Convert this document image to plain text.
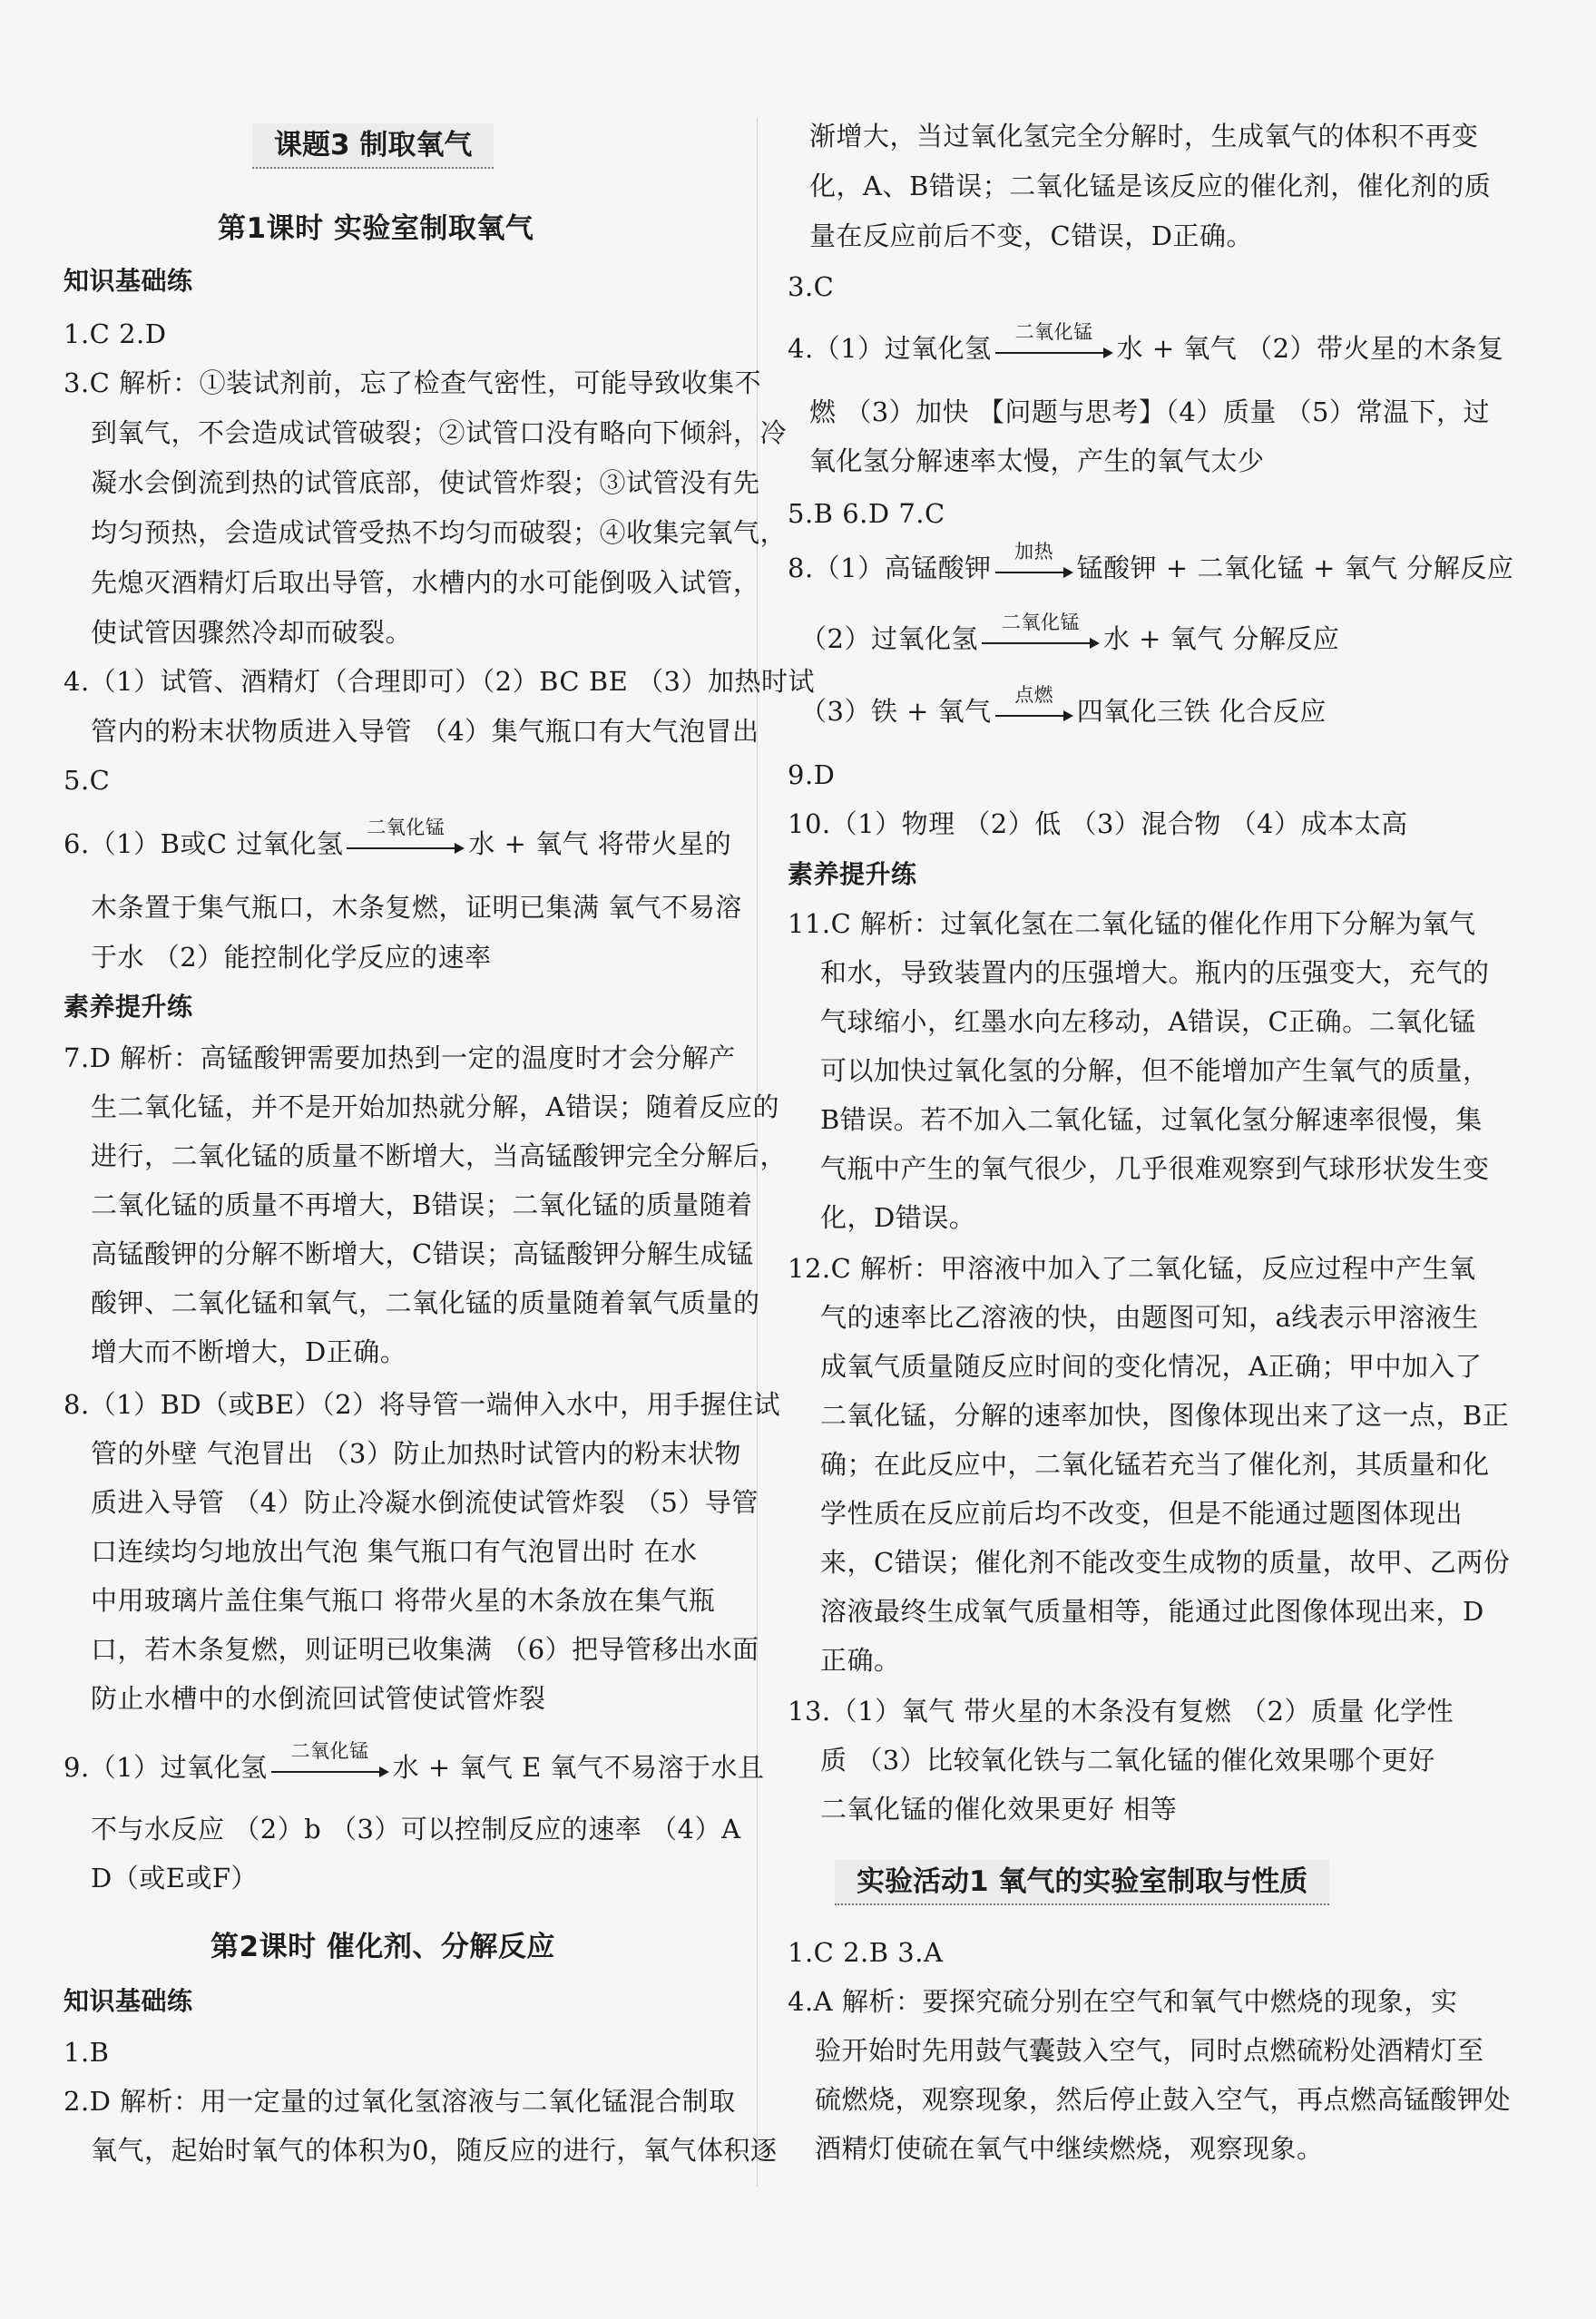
课题3 制取氧气
第1课时 实验室制取氧气
知识基础练
1.C 2.D
3.C 解析：①装试剂前，忘了检查气密性，可能导致收集不
到氧气，不会造成试管破裂；②试管口没有略向下倾斜，冷
凝水会倒流到热的试管底部，使试管炸裂；③试管没有先
均匀预热，会造成试管受热不均匀而破裂；④收集完氧气，
先熄灭酒精灯后取出导管，水槽内的水可能倒吸入试管，
使试管因骤然冷却而破裂。
4.（1）试管、酒精灯（合理即可）（2）BC BE （3）加热时试
管内的粉末状物质进入导管 （4）集气瓶口有大气泡冒出
5.C
6.（1）B或C 过氧化氢
二氧化锰
水 + 氧气 将带火星的
木条置于集气瓶口，木条复燃，证明已集满 氧气不易溶
于水 （2）能控制化学反应的速率
素养提升练
7.D 解析：高锰酸钾需要加热到一定的温度时才会分解产
生二氧化锰，并不是开始加热就分解，A错误；随着反应的
进行，二氧化锰的质量不断增大，当高锰酸钾完全分解后，
二氧化锰的质量不再增大，B错误；二氧化锰的质量随着
高锰酸钾的分解不断增大，C错误；高锰酸钾分解生成锰
酸钾、二氧化锰和氧气，二氧化锰的质量随着氧气质量的
增大而不断增大，D正确。
8.（1）BD（或BE）（2）将导管一端伸入水中，用手握住试
管的外壁 气泡冒出 （3）防止加热时试管内的粉末状物
质进入导管 （4）防止冷凝水倒流使试管炸裂 （5）导管
口连续均匀地放出气泡 集气瓶口有气泡冒出时 在水
中用玻璃片盖住集气瓶口 将带火星的木条放在集气瓶
口，若木条复燃，则证明已收集满 （6）把导管移出水面
防止水槽中的水倒流回试管使试管炸裂
9.（1）过氧化氢
二氧化锰
水 + 氧气 E 氧气不易溶于水且
不与水反应 （2）b （3）可以控制反应的速率 （4）A
D（或E或F）
第2课时 催化剂、分解反应
知识基础练
1.B
2.D 解析：用一定量的过氧化氢溶液与二氧化锰混合制取
氧气，起始时氧气的体积为0，随反应的进行，氧气体积逐
渐增大，当过氧化氢完全分解时，生成氧气的体积不再变
化，A、B错误；二氧化锰是该反应的催化剂，催化剂的质
量在反应前后不变，C错误，D正确。
3.C
4.（1）过氧化氢
二氧化锰
水 + 氧气 （2）带火星的木条复
燃 （3）加快 【问题与思考】（4）质量 （5）常温下，过
氧化氢分解速率太慢，产生的氧气太少
5.B 6.D 7.C
8.（1）高锰酸钾
加热
锰酸钾 + 二氧化锰 + 氧气 分解反应
（2）过氧化氢
二氧化锰
水 + 氧气 分解反应
（3）铁 + 氧气
点燃
四氧化三铁 化合反应
9.D
10.（1）物理 （2）低 （3）混合物 （4）成本太高
素养提升练
11.C 解析：过氧化氢在二氧化锰的催化作用下分解为氧气
和水，导致装置内的压强增大。瓶内的压强变大，充气的
气球缩小，红墨水向左移动，A错误，C正确。二氧化锰
可以加快过氧化氢的分解，但不能增加产生氧气的质量，
B错误。若不加入二氧化锰，过氧化氢分解速率很慢，集
气瓶中产生的氧气很少，几乎很难观察到气球形状发生变
化，D错误。
12.C 解析：甲溶液中加入了二氧化锰，反应过程中产生氧
气的速率比乙溶液的快，由题图可知，a线表示甲溶液生
成氧气质量随反应时间的变化情况，A正确；甲中加入了
二氧化锰，分解的速率加快，图像体现出来了这一点，B正
确；在此反应中，二氧化锰若充当了催化剂，其质量和化
学性质在反应前后均不改变，但是不能通过题图体现出
来，C错误；催化剂不能改变生成物的质量，故甲、乙两份
溶液最终生成氧气质量相等，能通过此图像体现出来，D
正确。
13.（1）氧气 带火星的木条没有复燃 （2）质量 化学性
质 （3）比较氧化铁与二氧化锰的催化效果哪个更好
二氧化锰的催化效果更好 相等
实验活动1 氧气的实验室制取与性质
1.C 2.B 3.A
4.A 解析：要探究硫分别在空气和氧气中燃烧的现象，实
验开始时先用鼓气囊鼓入空气，同时点燃硫粉处酒精灯至
硫燃烧，观察现象，然后停止鼓入空气，再点燃高锰酸钾处
酒精灯使硫在氧气中继续燃烧，观察现象。
